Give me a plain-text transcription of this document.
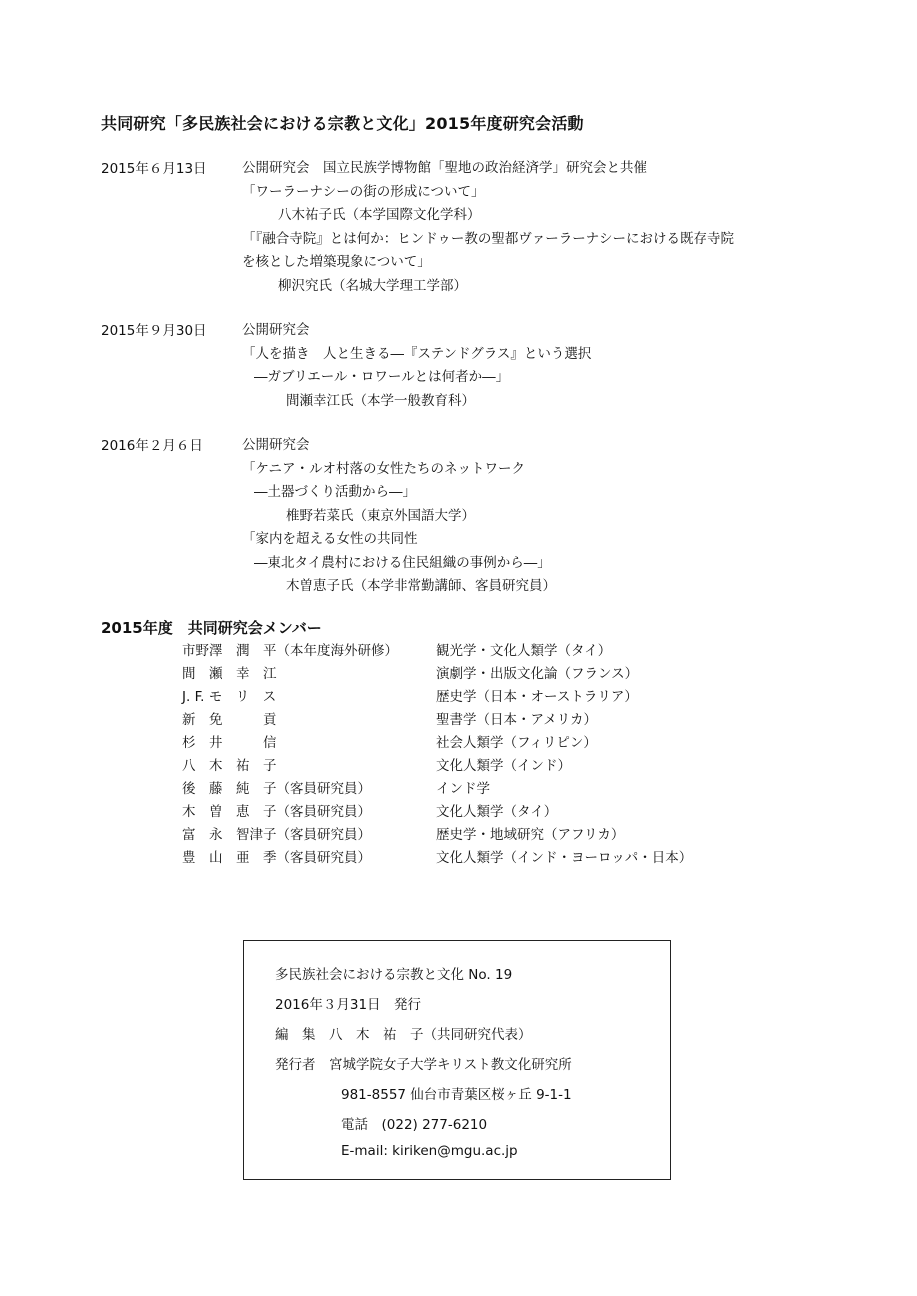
共同研究「多民族社会における宗教と文化」2015年度研究会活動
2015年６月13日	公開研究会　国立民族学博物館「聖地の政治経済学」研究会と共催
「ワーラーナシーの街の形成について」
八木祐子氏（本学国際文化学科）
「『融合寺院』とは何か：ヒンドゥー教の聖都ヴァーラーナシーにおける既存寺院
を核とした増築現象について」
柳沢究氏（名城大学理工学部）
2015年９月30日	公開研究会
「人を描き　人と生きる―『ステンドグラス』という選択
―ガブリエール・ロワールとは何者か―」
間瀬幸江氏（本学一般教育科）
2016年２月６日	公開研究会
「ケニア・ルオ村落の女性たちのネットワーク
―土器づくり活動から―」
椎野若菜氏（東京外国語大学）
「家内を超える女性の共同性
―東北タイ農村における住民組織の事例から―」
木曽恵子氏（本学非常勤講師、客員研究員）
2015年度　共同研究会メンバー
市野澤　潤　平（本年度海外研修）	観光学・文化人類学（タイ）
間　瀬　幸　江	演劇学・出版文化論（フランス）
J. F. モ　リ　ス	歴史学（日本・オーストラリア）
新　免　　　貢	聖書学（日本・アメリカ）
杉　井　　　信	社会人類学（フィリピン）
八　木　祐　子	文化人類学（インド）
後　藤　純　子（客員研究員）	インド学
木　曽　恵　子（客員研究員）	文化人類学（タイ）
富　永　智津子（客員研究員）	歴史学・地域研究（アフリカ）
豊　山　亜　季（客員研究員）	文化人類学（インド・ヨーロッパ・日本）
多民族社会における宗教と文化 No. 19
2016年３月31日　発行
編　集　八　木　祐　子（共同研究代表）
発行者　宮城学院女子大学キリスト教文化研究所
981-8557 仙台市青葉区桜ヶ丘 9-1-1
電話　(022) 277-6210
E-mail: kiriken@mgu.ac.jp
